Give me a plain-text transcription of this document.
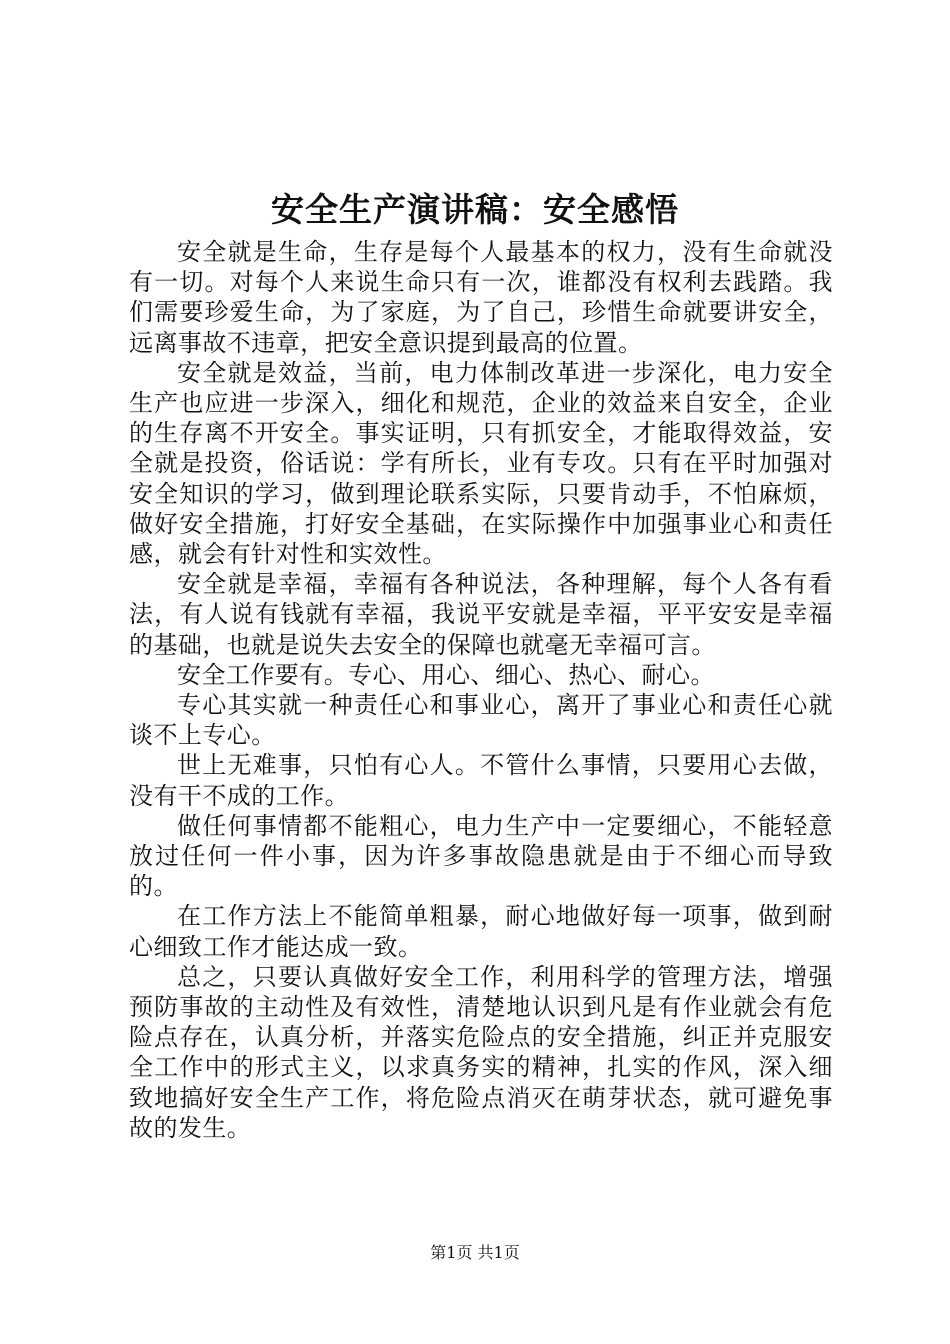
安全生产演讲稿：安全感悟

安全就是生命，生存是每个人最基本的权力，没有生命就没有一切。对每个人来说生命只有一次，谁都没有权利去践踏。我们需要珍爱生命，为了家庭，为了自己，珍惜生命就要讲安全，远离事故不违章，把安全意识提到最高的位置。

安全就是效益，当前，电力体制改革进一步深化，电力安全生产也应进一步深入，细化和规范，企业的效益来自安全，企业的生存离不开安全。事实证明，只有抓安全，才能取得效益，安全就是投资，俗话说：学有所长，业有专攻。只有在平时加强对安全知识的学习，做到理论联系实际，只要肯动手，不怕麻烦，做好安全措施，打好安全基础，在实际操作中加强事业心和责任感，就会有针对性和实效性。

安全就是幸福，幸福有各种说法，各种理解，每个人各有看法，有人说有钱就有幸福，我说平安就是幸福，平平安安是幸福的基础，也就是说失去安全的保障也就毫无幸福可言。

安全工作要有。专心、用心、细心、热心、耐心。

专心其实就一种责任心和事业心，离开了事业心和责任心就谈不上专心。

世上无难事，只怕有心人。不管什么事情，只要用心去做，没有干不成的工作。

做任何事情都不能粗心，电力生产中一定要细心，不能轻意放过任何一件小事，因为许多事故隐患就是由于不细心而导致的。

在工作方法上不能简单粗暴，耐心地做好每一项事，做到耐心细致工作才能达成一致。

总之，只要认真做好安全工作，利用科学的管理方法，增强预防事故的主动性及有效性，清楚地认识到凡是有作业就会有危险点存在，认真分析，并落实危险点的安全措施，纠正并克服安全工作中的形式主义，以求真务实的精神，扎实的作风，深入细致地搞好安全生产工作，将危险点消灭在萌芽状态，就可避免事故的发生。

第1页 共1页
